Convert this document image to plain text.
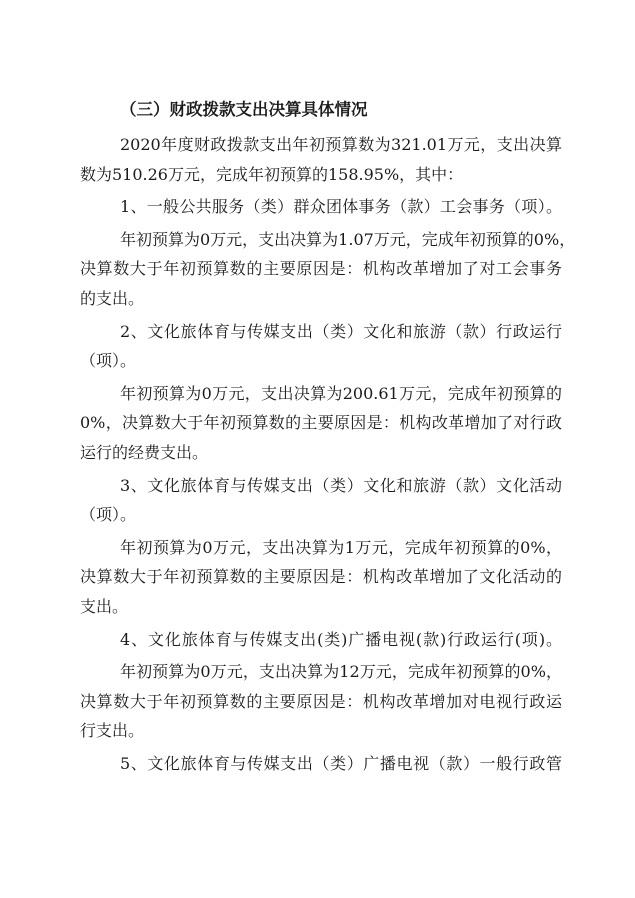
（三）财政拨款支出决算具体情况
2020年度财政拨款支出年初预算数为321.01万元，支出决算
数为510.26万元，完成年初预算的158.95%，其中：
1、一般公共服务（类）群众团体事务（款）工会事务（项）。
年初预算为0万元，支出决算为1.07万元，完成年初预算的0%，
决算数大于年初预算数的主要原因是：机构改革增加了对工会事务
的支出。
2、文化旅体育与传媒支出（类）文化和旅游（款）行政运行
（项）。
年初预算为0万元，支出决算为200.61万元，完成年初预算的
0%，决算数大于年初预算数的主要原因是：机构改革增加了对行政
运行的经费支出。
3、文化旅体育与传媒支出（类）文化和旅游（款）文化活动
（项）。
年初预算为0万元，支出决算为1万元，完成年初预算的0%，
决算数大于年初预算数的主要原因是：机构改革增加了文化活动的
支出。
4、文化旅体育与传媒支出(类)广播电视(款)行政运行(项)。
年初预算为0万元，支出决算为12万元，完成年初预算的0%，
决算数大于年初预算数的主要原因是：机构改革增加对电视行政运
行支出。
5、文化旅体育与传媒支出（类）广播电视（款）一般行政管
